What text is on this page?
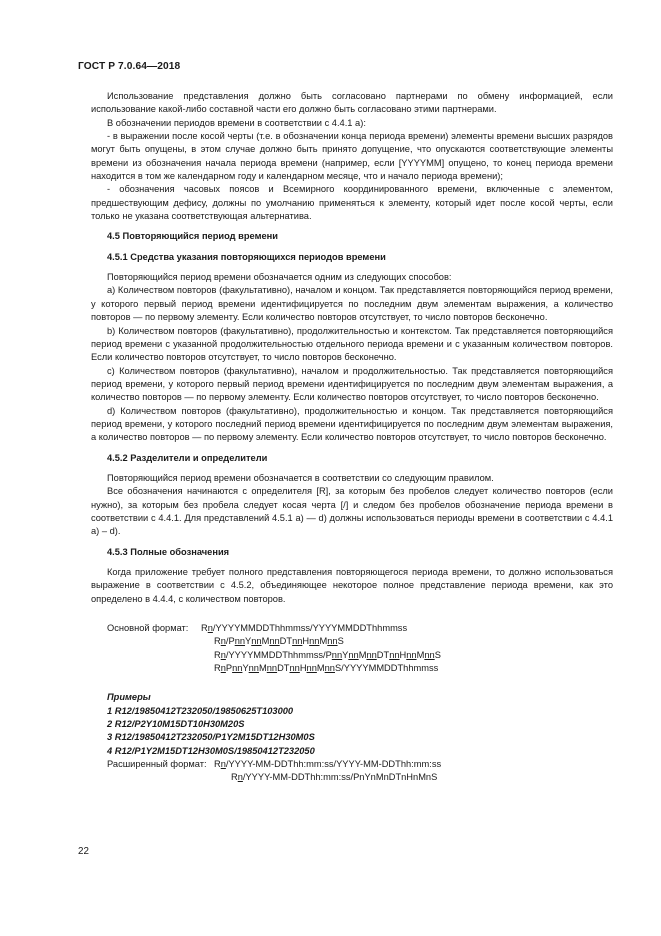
ГОСТ Р 7.0.64—2018

Использование представления должно быть согласовано партнерами по обмену информацией, если использование какой-либо составной части его должно быть согласовано этими партнерами.

В обозначении периодов времени в соответствии с 4.4.1 а):

- в выражении после косой черты (т.е. в обозначении конца периода времени) элементы времени высших разрядов могут быть опущены, в этом случае должно быть принято допущение, что опускаются соответствующие элементы времени из обозначения начала периода времени (например, если [YYYYMM] опущено, то конец периода времени находится в том же календарном году и календарном месяце, что и начало периода времени);

- обозначения часовых поясов и Всемирного координированного времени, включенные с элементом, предшествующим дефису, должны по умолчанию применяться к элементу, который идет после косой черты, если только не указана соответствующая альтернатива.

4.5 Повторяющийся период времени

4.5.1 Средства указания повторяющихся периодов времени

Повторяющийся период времени обозначается одним из следующих способов:

a) Количеством повторов (факультативно), началом и концом. Так представляется повторяющийся период времени, у которого первый период времени идентифицируется по последним двум элементам выражения, а количество повторов — по первому элементу. Если количество повторов отсутствует, то число повторов бесконечно.

b) Количеством повторов (факультативно), продолжительностью и контекстом. Так представляется повторяющийся период времени с указанной продолжительностью отдельного периода времени и с указанным количеством повторов. Если количество повторов отсутствует, то число повторов бесконечно.

c) Количеством повторов (факультативно), началом и продолжительностью. Так представляется повторяющийся период времени, у которого первый период времени идентифицируется по последним двум элементам выражения, а количество повторов — по первому элементу. Если количество повторов отсутствует, то число повторов бесконечно.

d) Количеством повторов (факультативно), продолжительностью и концом. Так представляется повторяющийся период времени, у которого последний период времени идентифицируется по последним двум элементам выражения, а количество повторов — по первому элементу. Если количество повторов отсутствует, то число повторов бесконечно.

4.5.2 Разделители и определители

Повторяющийся период времени обозначается в соответствии со следующим правилом.

Все обозначения начинаются с определителя [R], за которым без пробелов следует количество повторов (если нужно), за которым без пробела следует косая черта [/] и следом без пробелов обозначение периода времени в соответствии с 4.4.1. Для представлений 4.5.1 а) — d) должны использоваться периоды времени в соответствии с 4.4.1 а) – d).

4.5.3 Полные обозначения

Когда приложение требует полного представления повторяющегося периода времени, то должно использоваться выражение в соответствии с 4.5.2, объединяющее некоторое полное представление периода времени, как это определено в 4.4.4, с количеством повторов.

Основной формат: Rn/YYYYMMDDThhmmss/YYYYMMDDThhmmss
Rn/PnnYnnMnnDTnnHnnMnnS
Rn/YYYYMMDDThhmmss/PnnYnnMnnDTnnHnnMnnS
RnPnnYnnMnnDTnnHnnMnnS/YYYYMMDDThhmmss

Примеры

1 R12/19850412T232050/19850625T103000

2 R12/P2Y10M15DT10H30M20S

3 R12/19850412T232050/P1Y2M15DT12H30M0S

4 R12/P1Y2M15DT12H30M0S/19850412T232050

Расширенный формат: Rn/YYYY-MM-DDThh:mm:ss/YYYY-MM-DDThh:mm:ss
Rn/YYYY-MM-DDThh:mm:ss/PnYnMnDTnHnMnS
22
